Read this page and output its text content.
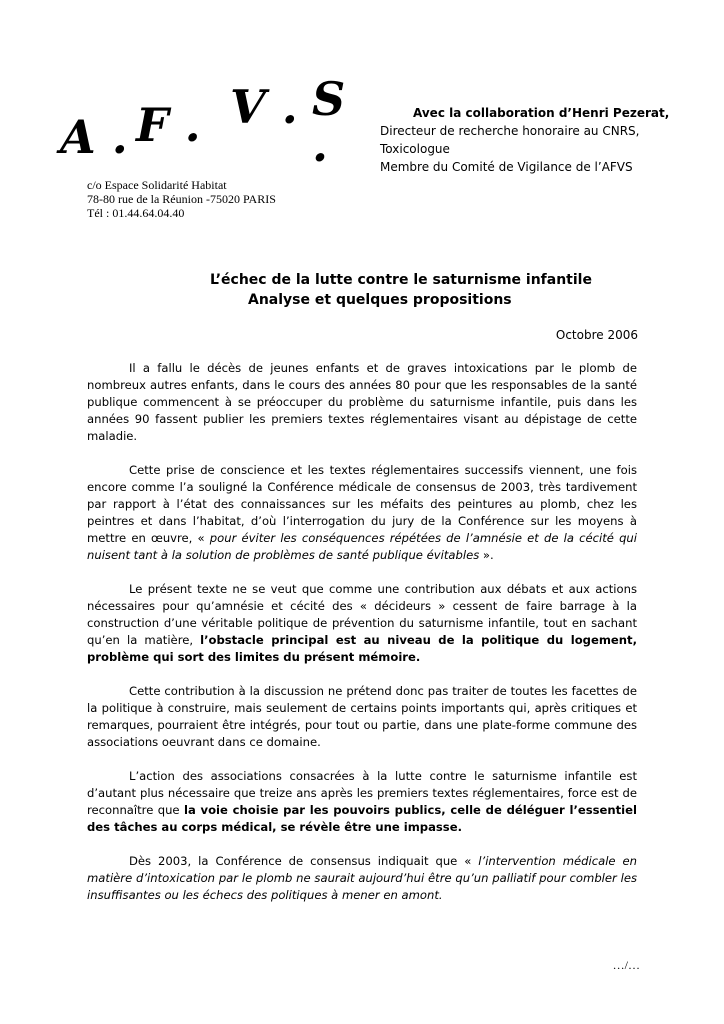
A . F . V . S .
Avec la collaboration d’Henri Pezerat,
Directeur de recherche honoraire au CNRS,
Toxicologue
Membre du Comité de Vigilance de l’AFVS
c/o Espace Solidarité Habitat
78-80 rue de la Réunion -75020 PARIS
Tél : 01.44.64.04.40
L’échec de la lutte contre le saturnisme infantile
Analyse et quelques propositions
Octobre 2006

Il a fallu le décès de jeunes enfants et de graves intoxications par le plomb de nombreux autres enfants, dans le cours des années 80 pour que les responsables de la santé publique commencent à se préoccuper du problème du saturnisme infantile, puis dans les années 90 fassent publier les premiers textes réglementaires visant au dépistage de cette maladie.

Cette prise de conscience et les textes réglementaires successifs viennent, une fois encore comme l’a souligné la Conférence médicale de consensus de 2003, très tardivement par rapport à l’état des connaissances sur les méfaits des peintures au plomb, chez les peintres et dans l’habitat, d’où l’interrogation du jury de la Conférence sur les moyens à mettre en œuvre, « pour éviter les conséquences répétées de l’amnésie et de la cécité qui nuisent tant à la solution de problèmes de santé publique évitables ».

Le présent texte ne se veut que comme une contribution aux débats et aux actions nécessaires pour qu’amnésie et cécité des « décideurs » cessent de faire barrage à la construction d’une véritable politique de prévention du saturnisme infantile, tout en sachant qu’en la matière, l’obstacle principal est au niveau de la politique du logement, problème qui sort des limites du présent mémoire.

Cette contribution à la discussion ne prétend donc pas traiter de toutes les facettes de la politique à construire, mais seulement de certains points importants qui, après critiques et remarques, pourraient être intégrés, pour tout ou partie, dans une plate-forme commune des associations oeuvrant dans ce domaine.

L’action des associations consacrées à la lutte contre le saturnisme infantile est d’autant plus nécessaire que treize ans après les premiers textes réglementaires, force est de reconnaître que la voie choisie par les pouvoirs publics, celle de déléguer l’essentiel des tâches au corps médical, se révèle être une impasse.

Dès 2003, la Conférence de consensus indiquait que « l’intervention médicale en matière d’intoxication par le plomb ne saurait aujourd’hui être qu’un palliatif pour combler les insuffisantes ou les échecs des politiques à mener en amont.

…/…
